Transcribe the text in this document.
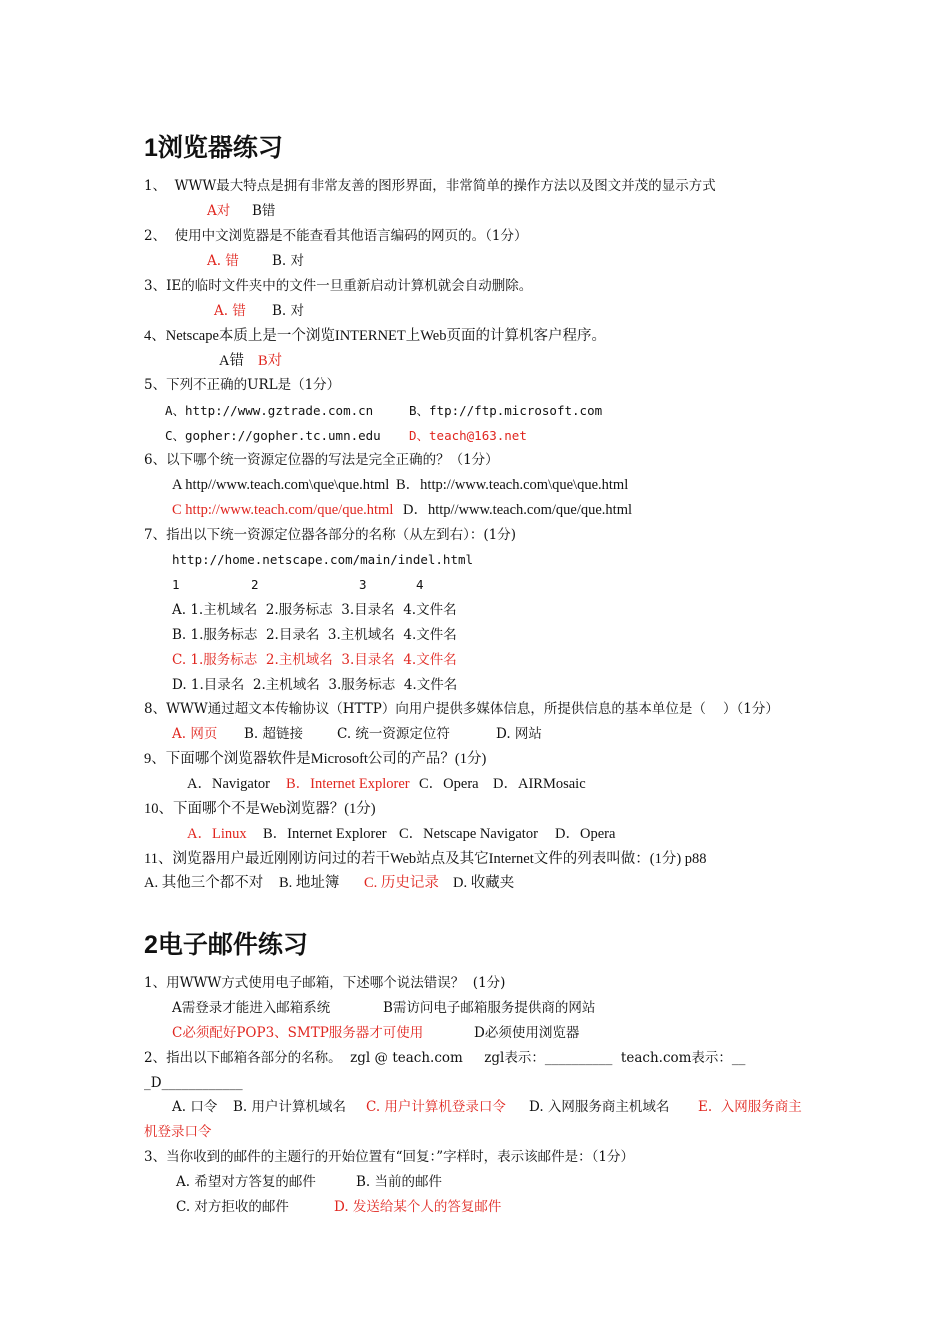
1浏览器练习
1、  WWW最大特点是拥有非常友善的图形界面，非常简单的操作方法以及图文并茂的显示方式
A对 B错
2、  使用中文浏览器是不能查看其他语言编码的网页的。（1分）
A. 错 B. 对
3、IE的临时文件夹中的文件一旦重新启动计算机就会自动删除。
A. 错 B. 对
4、Netscape本质上是一个浏览INTERNET上Web页面的计算机客户程序。
A错 B对
5、下列不正确的URL是（1分）
A、http://www.gztrade.com.cn	B、ftp://ftp.microsoft.com
C、gopher://gopher.tc.umn.edu D、teach@163.net
6、以下哪个统一资源定位器的写法是完全正确的？（1分）
A http//www.teach.com\que\que.html B．http://www.teach.com\que\que.html
C http://www.teach.com/que/que.html D．http//www.teach.com/que/que.html
7、指出以下统一资源定位器各部分的名称（从左到右）：(1分)
http://home.netscape.com/main/indel.html
1	2	3	4
A. 1.主机域名  2.服务标志  3.目录名  4.文件名
B. 1.服务标志  2.目录名  3.主机域名  4.文件名
C. 1.服务标志  2.主机域名  3.目录名  4.文件名
D. 1.目录名  2.主机域名  3.服务标志  4.文件名
8、WWW通过超文本传输协议（HTTP）向用户提供多媒体信息，所提供信息的基本单位是（    ）（1分）
A. 网页 B. 超链接	C. 统一资源定位符	D. 网站
9、下面哪个浏览器软件是Microsoft公司的产品？(1分)
A．Navigator B．Internet Explorer C．Opera D．AIRMosaic
10、下面哪个不是Web浏览器？(1分)
A．Linux B．Internet Explorer C．Netscape Navigator D．Opera
11、浏览器用户最近刚刚访问过的若干Web站点及其它Internet文件的列表叫做：(1分) p88
A. 其他三个都不对 B. 地址簿 C. 历史记录 D. 收藏夹
2电子邮件练习
1、用WWW方式使用电子邮箱，下述哪个说法错误？  (1分)
A需登录才能进入邮箱系统	B需访问电子邮箱服务提供商的网站
C必须配好POP3、SMTP服务器才可使用	D必须使用浏览器
2、指出以下邮箱各部分的名称。  zgl @ teach.com     zgl表示：__________  teach.com表示：__
_D____________
A. 口令 B. 用户计算机域名 C. 用户计算机登录口令 D. 入网服务商主机域名 E.  入网服务商主
机登录口令
3、当你收到的邮件的主题行的开始位置有“回复：”字样时，表示该邮件是：（1分）
A. 希望对方答复的邮件	B. 当前的邮件
C. 对方拒收的邮件	D. 发送给某个人的答复邮件
